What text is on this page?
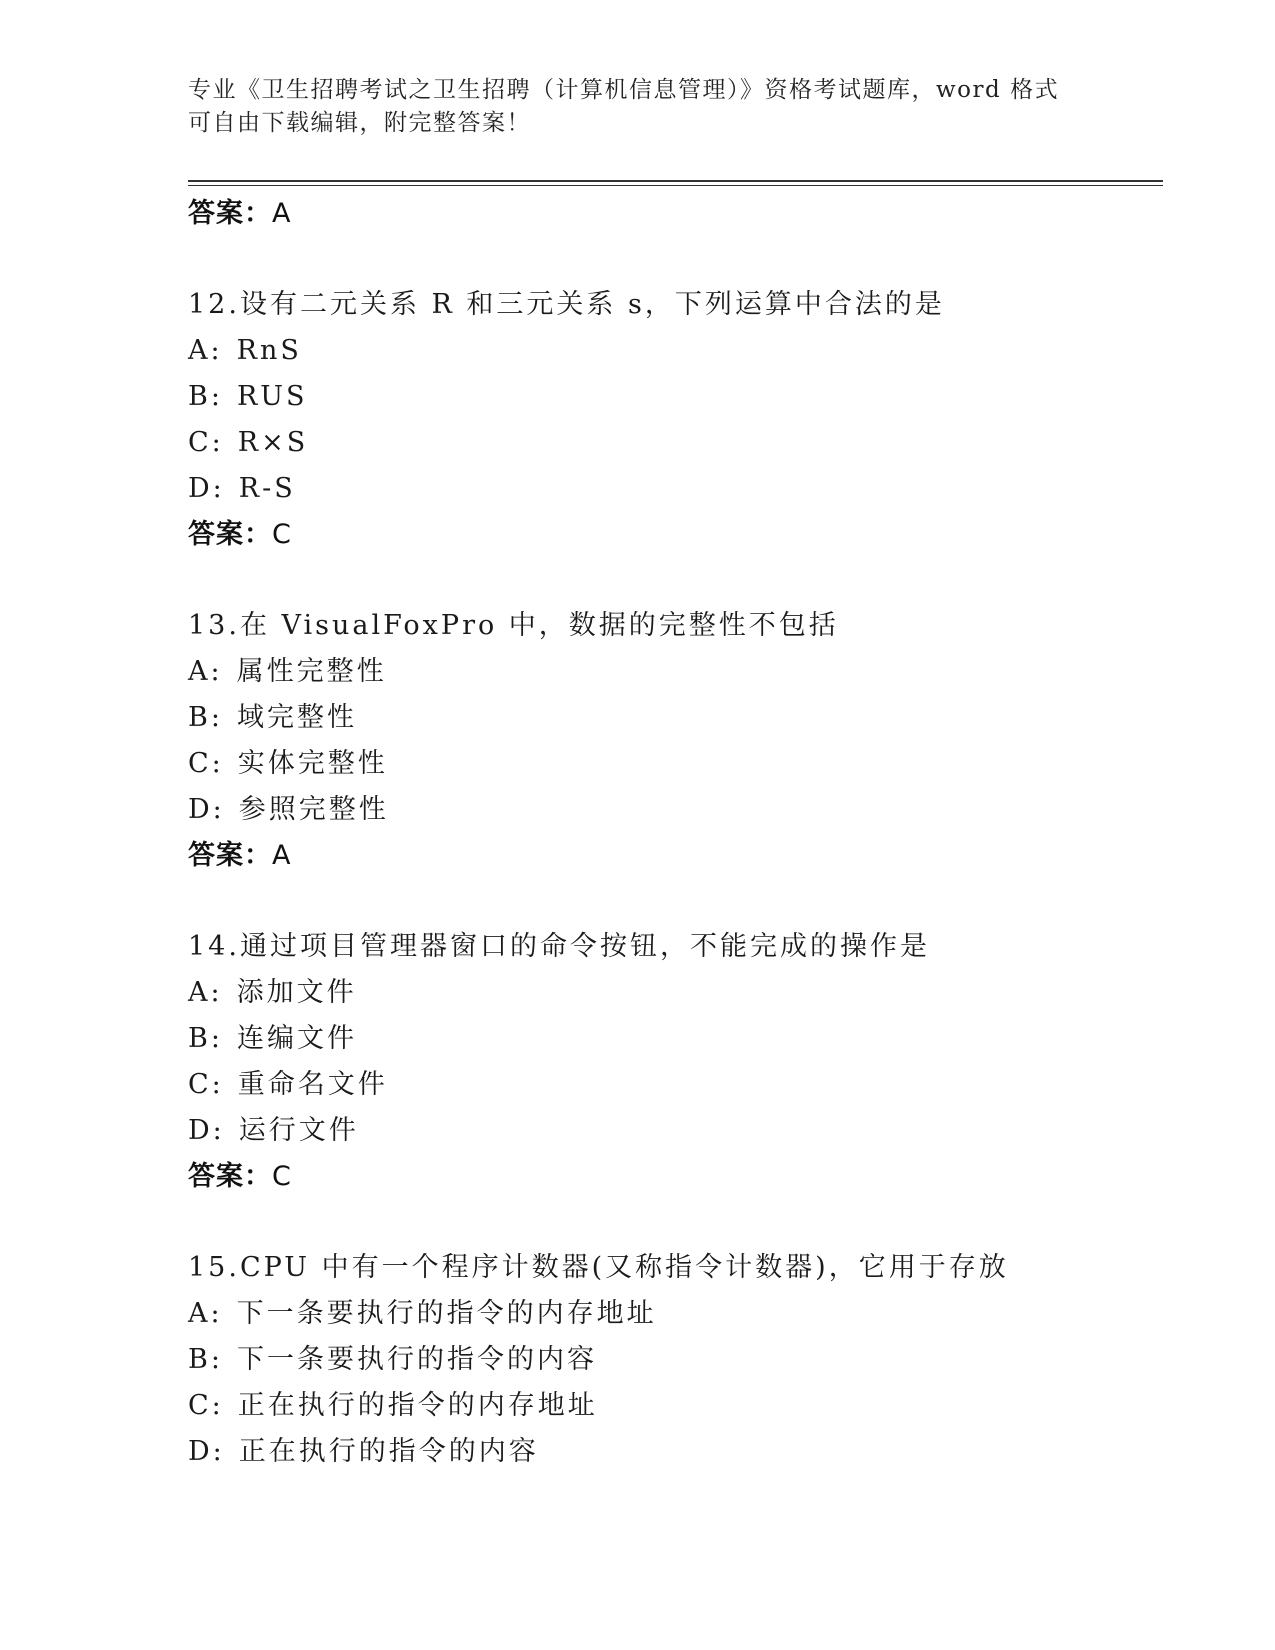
专业《卫生招聘考试之卫生招聘（计算机信息管理）》资格考试题库，word 格式
可自由下载编辑，附完整答案！
答案：A
12.设有二元关系 R 和三元关系 s，下列运算中合法的是
A: RnS
B: RUS
C: R×S
D: R-S
答案：C
13.在 VisualFoxPro 中，数据的完整性不包括
A: 属性完整性
B: 域完整性
C: 实体完整性
D: 参照完整性
答案：A
14.通过项目管理器窗口的命令按钮，不能完成的操作是
A: 添加文件
B: 连编文件
C: 重命名文件
D: 运行文件
答案：C
15.CPU 中有一个程序计数器(又称指令计数器)，它用于存放
A: 下一条要执行的指令的内存地址
B: 下一条要执行的指令的内容
C: 正在执行的指令的内存地址
D: 正在执行的指令的内容
